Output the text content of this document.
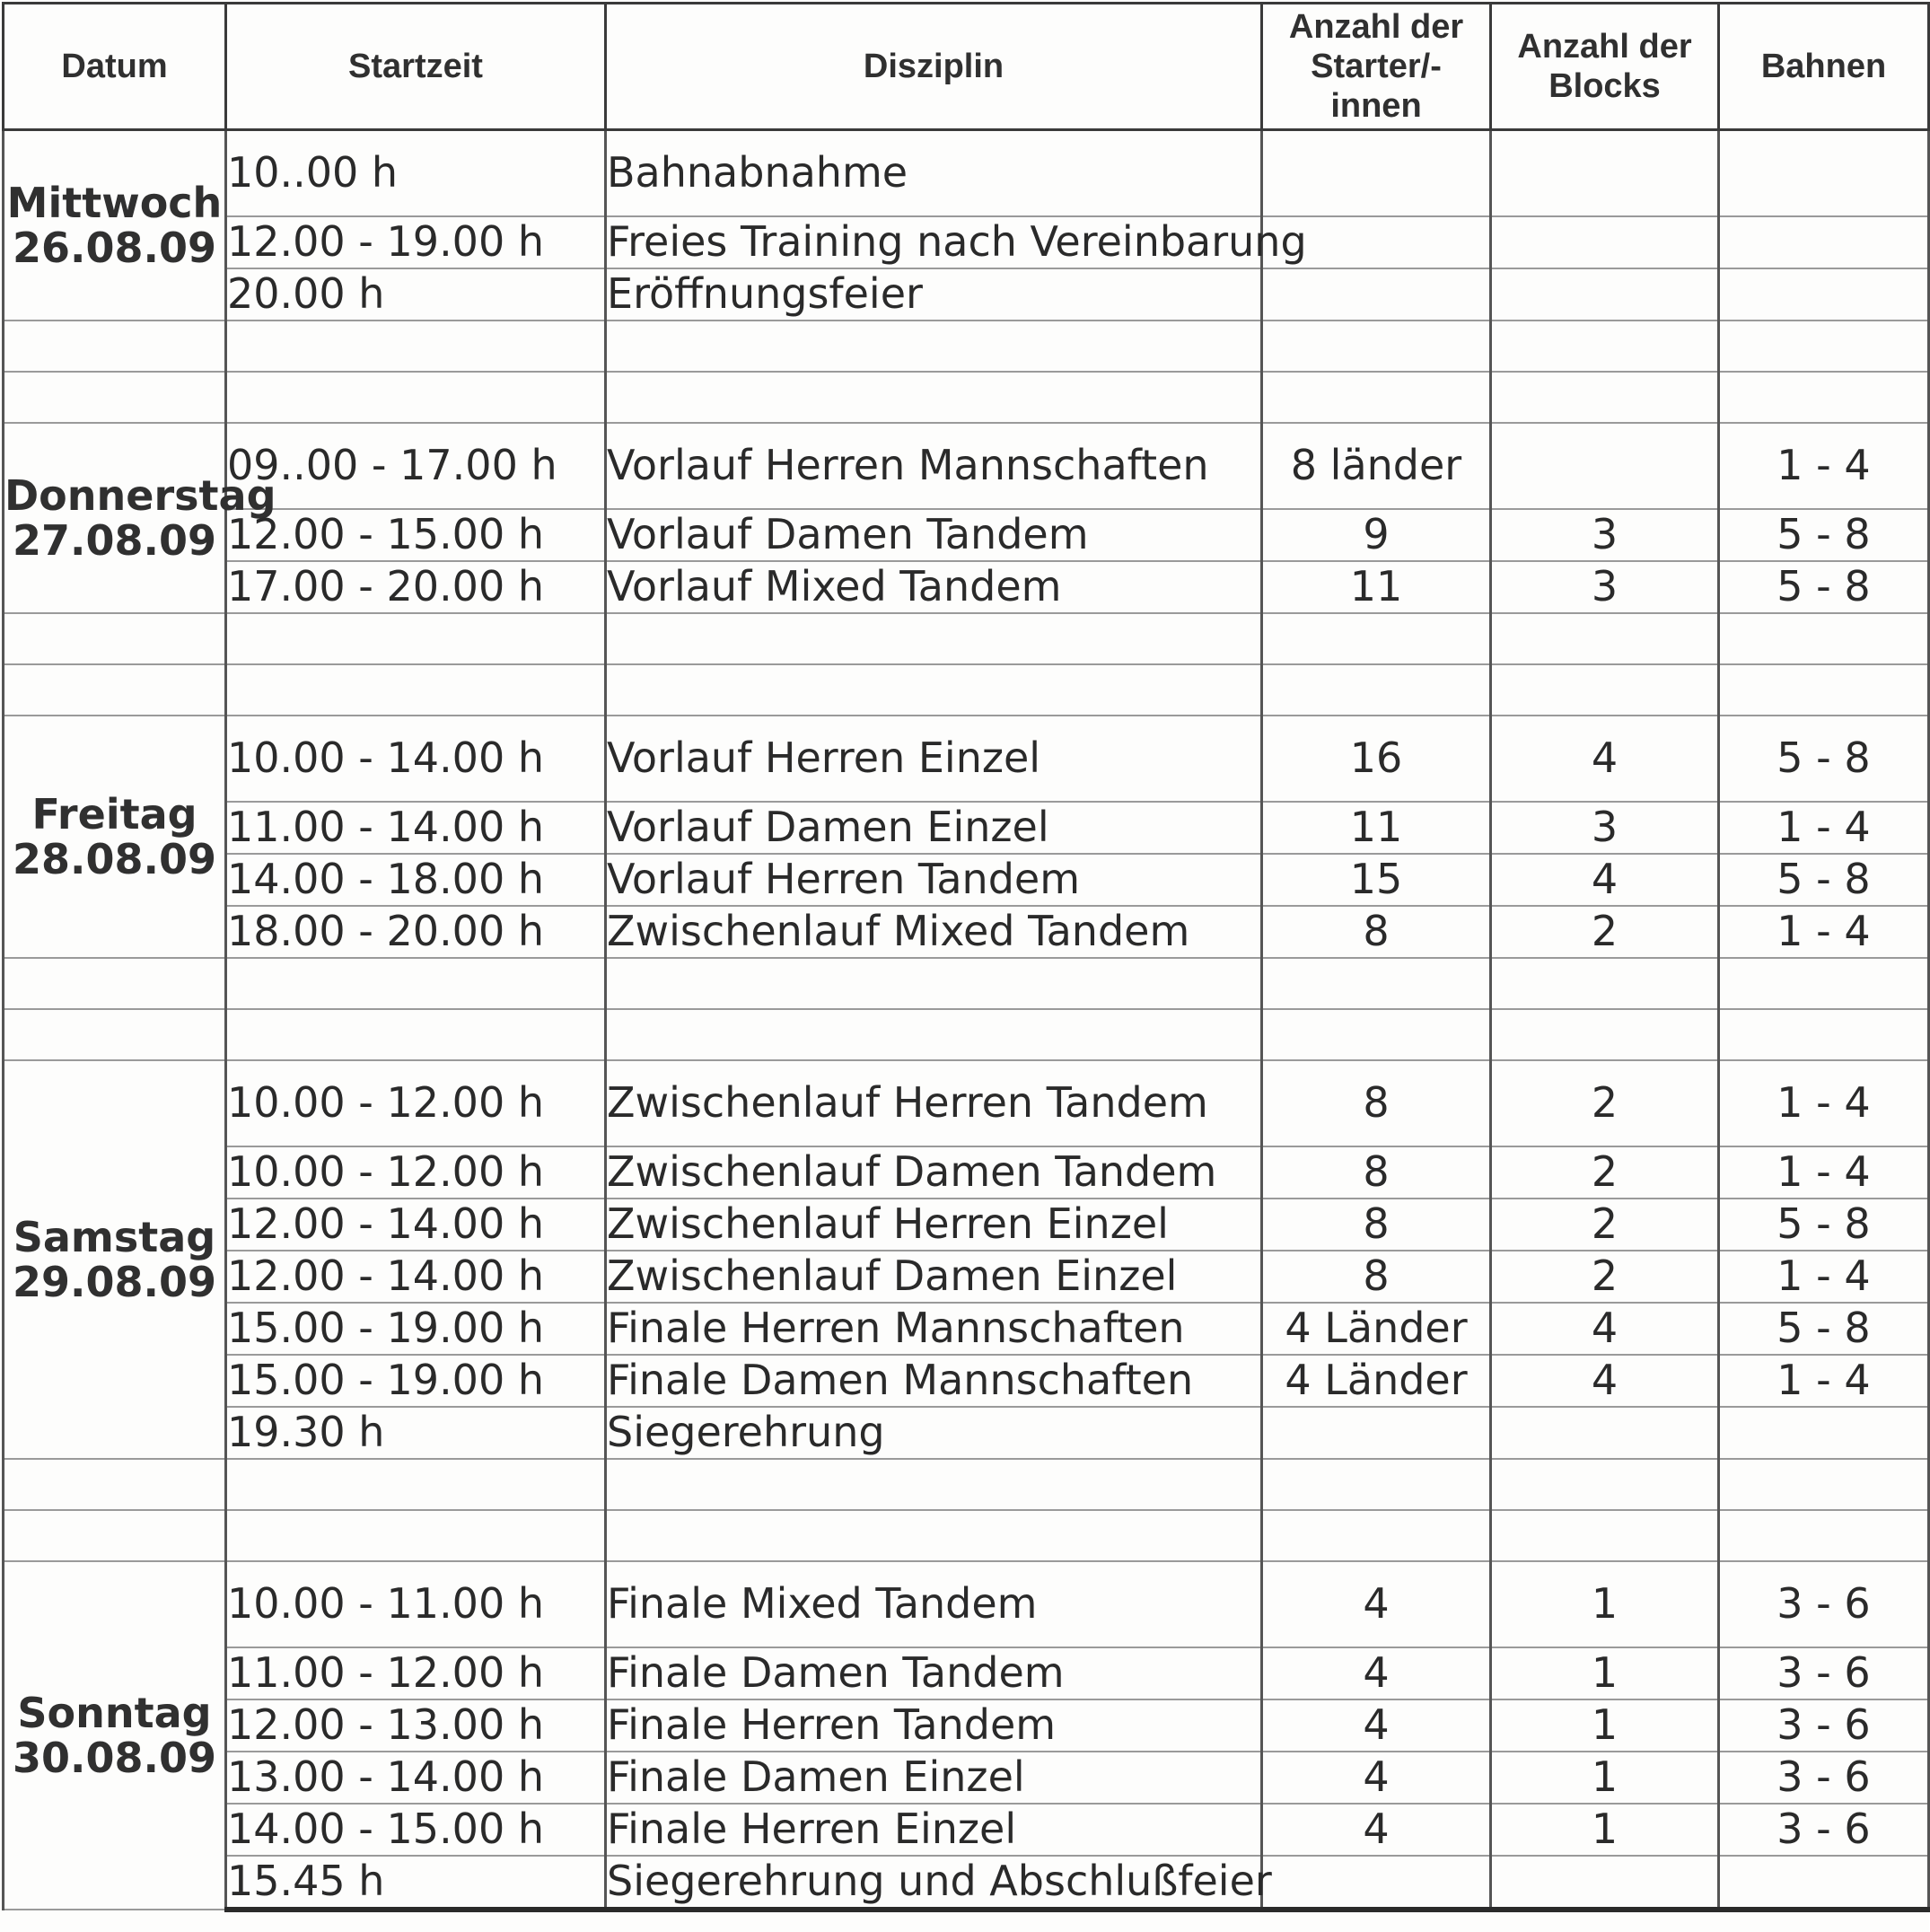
Datum	Startzeit	Disziplin	Anzahl der
Starter/-
innen	Anzahl der
Blocks	Bahnen
Mittwoch
26.08.09	10..00 h	Bahnabnahme			
	12.00 - 19.00 h	Freies Training nach Vereinbarung			
	20.00 h	Eröffnungsfeier			

Donnerstag
27.08.09	09..00 - 17.00 h	Vorlauf Herren Mannschaften	8 länder		1 - 4
	12.00 - 15.00 h	Vorlauf Damen Tandem	9	3	5 - 8
	17.00 - 20.00 h	Vorlauf Mixed Tandem	11	3	5 - 8

Freitag
28.08.09	10.00 - 14.00 h	Vorlauf Herren Einzel	16	4	5 - 8
	11.00 - 14.00 h	Vorlauf Damen Einzel	11	3	1 - 4
	14.00 - 18.00 h	Vorlauf Herren Tandem	15	4	5 - 8
	18.00 - 20.00 h	Zwischenlauf Mixed Tandem	8	2	1 - 4

Samstag
29.08.09	10.00 - 12.00 h	Zwischenlauf Herren Tandem	8	2	1 - 4
	10.00 - 12.00 h	Zwischenlauf Damen Tandem	8	2	1 - 4
	12.00 - 14.00 h	Zwischenlauf Herren Einzel	8	2	5 - 8
	12.00 - 14.00 h	Zwischenlauf Damen Einzel	8	2	1 - 4
	15.00 - 19.00 h	Finale Herren Mannschaften	4 Länder	4	5 - 8
	15.00 - 19.00 h	Finale Damen Mannschaften	4 Länder	4	1 - 4
	19.30 h	Siegerehrung			

Sonntag
30.08.09	10.00 - 11.00 h	Finale Mixed Tandem	4	1	3 - 6
	11.00 - 12.00 h	Finale Damen Tandem	4	1	3 - 6
	12.00 - 13.00 h	Finale Herren Tandem	4	1	3 - 6
	13.00 - 14.00 h	Finale Damen Einzel	4	1	3 - 6
	14.00 - 15.00 h	Finale Herren Einzel	4	1	3 - 6
	15.45 h	Siegerehrung und Abschlußfeier			
